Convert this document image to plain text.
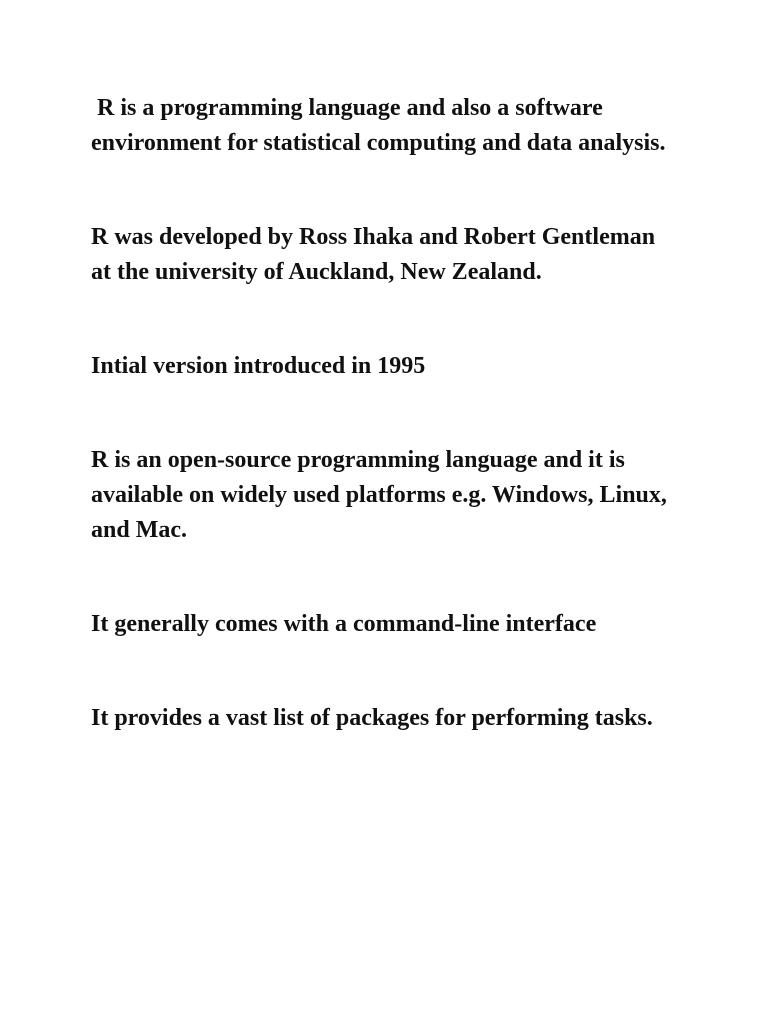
R is a programming language and also a software environment for statistical computing and data analysis.

R was developed by Ross Ihaka and Robert Gentleman at the university of Auckland, New Zealand.

Intial version introduced in 1995

R is an open-source programming language and it is available on widely used platforms e.g. Windows, Linux, and Mac.

It generally comes with a command-line interface

It provides a vast list of packages for performing tasks.
